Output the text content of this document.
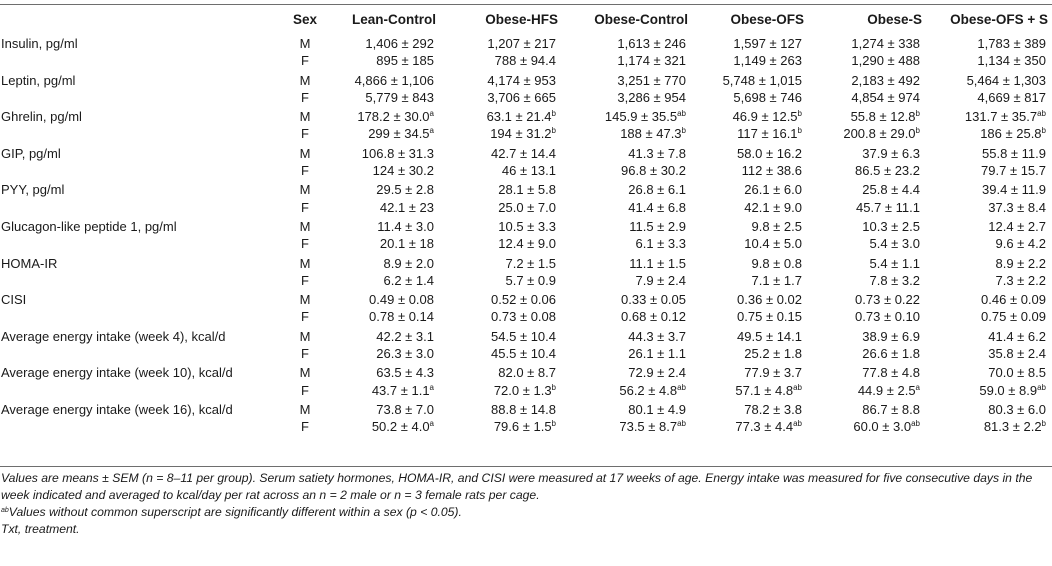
	Sex	Lean-Control	Obese-HFS	Obese-Control	Obese-OFS	Obese-S	Obese-OFS + S
Insulin, pg/ml	M	1,406 ± 292	1,207 ± 217	1,613 ± 246	1,597 ± 127	1,274 ± 338	1,783 ± 389
	F	895 ± 185	788 ± 94.4	1,174 ± 321	1,149 ± 263	1,290 ± 488	1,134 ± 350
Leptin, pg/ml	M	4,866 ± 1,106	4,174 ± 953	3,251 ± 770	5,748 ± 1,015	2,183 ± 492	5,464 ± 1,303
	F	5,779 ± 843	3,706 ± 665	3,286 ± 954	5,698 ± 746	4,854 ± 974	4,669 ± 817
Ghrelin, pg/ml	M	178.2 ± 30.0$^a$	63.1 ± 21.4$^b$	145.9 ± 35.5$^{ab}$	46.9 ± 12.5$^b$	55.8 ± 12.8$^b$	131.7 ± 35.7$^{ab}$
	F	299 ± 34.5$^a$	194 ± 31.2$^b$	188 ± 47.3$^b$	117 ± 16.1$^b$	200.8 ± 29.0$^b$	186 ± 25.8$^b$
GIP, pg/ml	M	106.8 ± 31.3	42.7 ± 14.4	41.3 ± 7.8	58.0 ± 16.2	37.9 ± 6.3	55.8 ± 11.9
	F	124 ± 30.2	46 ± 13.1	96.8 ± 30.2	112 ± 38.6	86.5 ± 23.2	79.7 ± 15.7
PYY, pg/ml	M	29.5 ± 2.8	28.1 ± 5.8	26.8 ± 6.1	26.1 ± 6.0	25.8 ± 4.4	39.4 ± 11.9
	F	42.1 ± 23	25.0 ± 7.0	41.4 ± 6.8	42.1 ± 9.0	45.7 ± 11.1	37.3 ± 8.4
Glucagon-like peptide 1, pg/ml	M	11.4 ± 3.0	10.5 ± 3.3	11.5 ± 2.9	9.8 ± 2.5	10.3 ± 2.5	12.4 ± 2.7
	F	20.1 ± 18	12.4 ± 9.0	6.1 ± 3.3	10.4 ± 5.0	5.4 ± 3.0	9.6 ± 4.2
HOMA-IR	M	8.9 ± 2.0	7.2 ± 1.5	11.1 ± 1.5	9.8 ± 0.8	5.4 ± 1.1	8.9 ± 2.2
	F	6.2 ± 1.4	5.7 ± 0.9	7.9 ± 2.4	7.1 ± 1.7	7.8 ± 3.2	7.3 ± 2.2
CISI	M	0.49 ± 0.08	0.52 ± 0.06	0.33 ± 0.05	0.36 ± 0.02	0.73 ± 0.22	0.46 ± 0.09
	F	0.78 ± 0.14	0.73 ± 0.08	0.68 ± 0.12	0.75 ± 0.15	0.73 ± 0.10	0.75 ± 0.09
Average energy intake (week 4), kcal/d	M	42.2 ± 3.1	54.5 ± 10.4	44.3 ± 3.7	49.5 ± 14.1	38.9 ± 6.9	41.4 ± 6.2
	F	26.3 ± 3.0	45.5 ± 10.4	26.1 ± 1.1	25.2 ± 1.8	26.6 ± 1.8	35.8 ± 2.4
Average energy intake (week 10), kcal/d	M	63.5 ± 4.3	82.0 ± 8.7	72.9 ± 2.4	77.9 ± 3.7	77.8 ± 4.8	70.0 ± 8.5
	F	43.7 ± 1.1$^a$	72.0 ± 1.3$^b$	56.2 ± 4.8$^{ab}$	57.1 ± 4.8$^{ab}$	44.9 ± 2.5$^a$	59.0 ± 8.9$^{ab}$
Average energy intake (week 16), kcal/d	M	73.8 ± 7.0	88.8 ± 14.8	80.1 ± 4.9	78.2 ± 3.8	86.7 ± 8.8	80.3 ± 6.0
	F	50.2 ± 4.0$^a$	79.6 ± 1.5$^b$	73.5 ± 8.7$^{ab}$	77.3 ± 4.4$^{ab}$	60.0 ± 3.0$^{ab}$	81.3 ± 2.2$^b$
Values are means ± SEM (n = 8–11 per group). Serum satiety hormones, HOMA-IR, and CISI were measured at 17 weeks of age. Energy intake was measured for five consecutive days in the week indicated and averaged to kcal/day per rat across an n = 2 male or n = 3 female rats per cage.
$^{ab}$Values without common superscript are significantly different within a sex (p < 0.05).
Txt, treatment.
